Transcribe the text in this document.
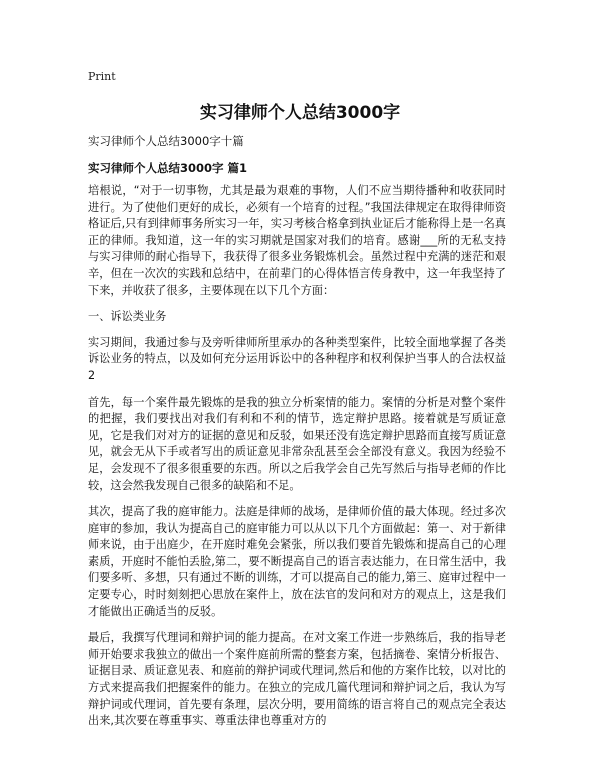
Print
实习律师个人总结3000字
实习律师个人总结3000字十篇
实习律师个人总结3000字 篇1

培根说，“对于一切事物，尤其是最为艰难的事物，人们不应当期待播种和收获同时进行。为了使他们更好的成长，必须有一个培育的过程。”我国法律规定在取得律师资格证后,只有到律师事务所实习一年，实习考核合格拿到执业证后才能称得上是一名真正的律师。我知道，这一年的实习期就是国家对我们的培育。感谢___所的无私支持与实习律师的耐心指导下，我获得了很多业务锻炼机会。虽然过程中充满的迷茫和艰辛，但在一次次的实践和总结中，在前辈门的心得体悟言传身教中，这一年我坚持了下来，并收获了很多，主要体现在以下几个方面：

一、诉讼类业务

实习期间，我通过参与及旁听律师所里承办的各种类型案件，比较全面地掌握了各类诉讼业务的特点，以及如何充分运用诉讼中的各种程序和权利保护当事人的合法权益2

首先，每一个案件最先锻炼的是我的独立分析案情的能力。案情的分析是对整个案件的把握，我们要找出对我们有利和不利的情节，选定辩护思路。接着就是写质证意见，它是我们对对方的证据的意见和反驳，如果还没有选定辩护思路而直接写质证意见，就会无从下手或者写出的质证意见非常杂乱甚至会全部没有意义。我因为经验不足，会发现不了很多很重要的东西。所以之后我学会自己先写然后与指导老师的作比较，这会然我发现自己很多的缺陷和不足。

其次，提高了我的庭审能力。法庭是律师的战场，是律师价值的最大体现。经过多次庭审的参加，我认为提高自己的庭审能力可以从以下几个方面做起：第一、对于新律师来说，由于出庭少，在开庭时难免会紧张，所以我们要首先锻炼和提高自己的心理素质，开庭时不能怕丢脸,第二，要不断提高自己的语言表达能力，在日常生活中，我们要多听、多想，只有通过不断的训练，才可以提高自己的能力,第三、庭审过程中一定要专心，时时刻刻把心思放在案件上，放在法官的发问和对方的观点上，这是我们才能做出正确适当的反驳。

最后，我撰写代理词和辩护词的能力提高。在对文案工作进一步熟练后，我的指导老师开始要求我独立的做出一个案件庭前所需的整套方案，包括摘卷、案情分析报告、证据目录、质证意见表、和庭前的辩护词或代理词,然后和他的方案作比较，以对比的方式来提高我们把握案件的能力。在独立的完成几篇代理词和辩护词之后，我认为写辩护词或代理词，首先要有条理，层次分明，要用简练的语言将自己的观点完全表达出来,其次要在尊重事实、尊重法律也尊重对方的
